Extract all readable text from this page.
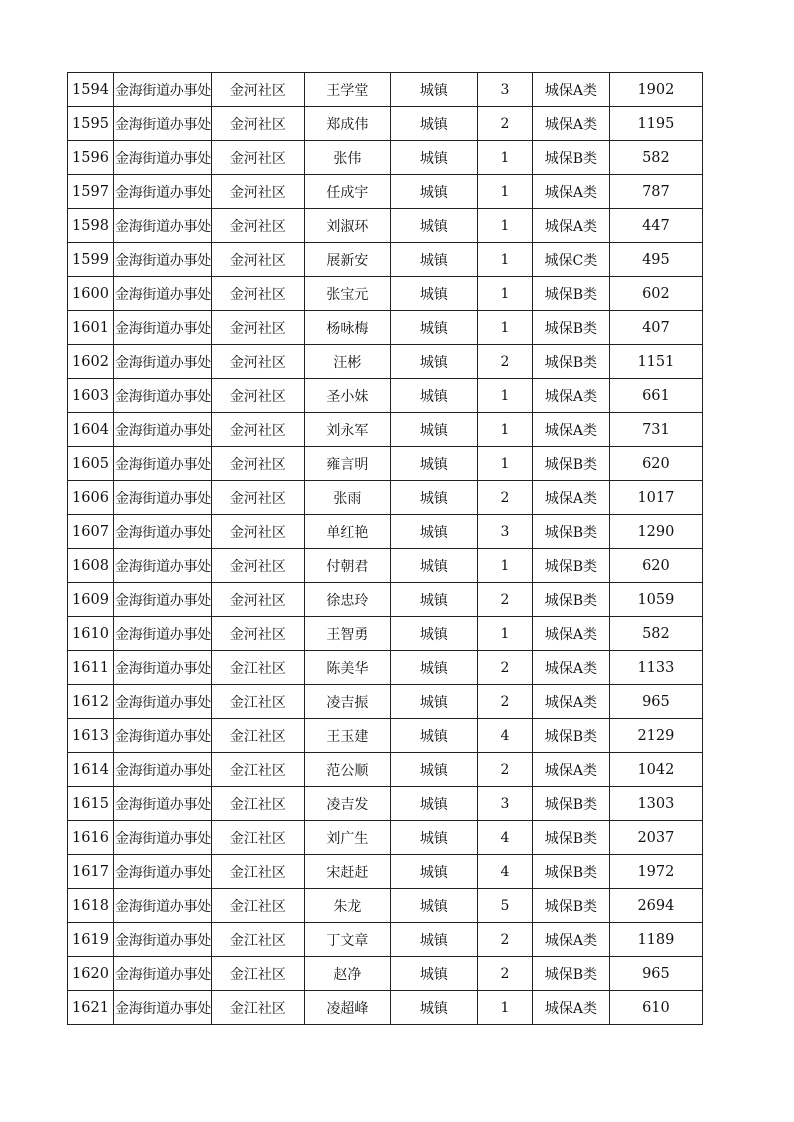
1594	金海街道办事处	金河社区	王学堂	城镇	3	城保A类	1902
1595	金海街道办事处	金河社区	郑成伟	城镇	2	城保A类	1195
1596	金海街道办事处	金河社区	张伟	城镇	1	城保B类	582
1597	金海街道办事处	金河社区	任成宇	城镇	1	城保A类	787
1598	金海街道办事处	金河社区	刘淑环	城镇	1	城保A类	447
1599	金海街道办事处	金河社区	展新安	城镇	1	城保C类	495
1600	金海街道办事处	金河社区	张宝元	城镇	1	城保B类	602
1601	金海街道办事处	金河社区	杨咏梅	城镇	1	城保B类	407
1602	金海街道办事处	金河社区	汪彬	城镇	2	城保B类	1151
1603	金海街道办事处	金河社区	圣小妹	城镇	1	城保A类	661
1604	金海街道办事处	金河社区	刘永军	城镇	1	城保A类	731
1605	金海街道办事处	金河社区	雍言明	城镇	1	城保B类	620
1606	金海街道办事处	金河社区	张雨	城镇	2	城保A类	1017
1607	金海街道办事处	金河社区	单红艳	城镇	3	城保B类	1290
1608	金海街道办事处	金河社区	付朝君	城镇	1	城保B类	620
1609	金海街道办事处	金河社区	徐忠玲	城镇	2	城保B类	1059
1610	金海街道办事处	金河社区	王智勇	城镇	1	城保A类	582
1611	金海街道办事处	金江社区	陈美华	城镇	2	城保A类	1133
1612	金海街道办事处	金江社区	凌吉振	城镇	2	城保A类	965
1613	金海街道办事处	金江社区	王玉建	城镇	4	城保B类	2129
1614	金海街道办事处	金江社区	范公顺	城镇	2	城保A类	1042
1615	金海街道办事处	金江社区	凌吉发	城镇	3	城保B类	1303
1616	金海街道办事处	金江社区	刘广生	城镇	4	城保B类	2037
1617	金海街道办事处	金江社区	宋赶赶	城镇	4	城保B类	1972
1618	金海街道办事处	金江社区	朱龙	城镇	5	城保B类	2694
1619	金海街道办事处	金江社区	丁文章	城镇	2	城保A类	1189
1620	金海街道办事处	金江社区	赵净	城镇	2	城保B类	965
1621	金海街道办事处	金江社区	凌超峰	城镇	1	城保A类	610
